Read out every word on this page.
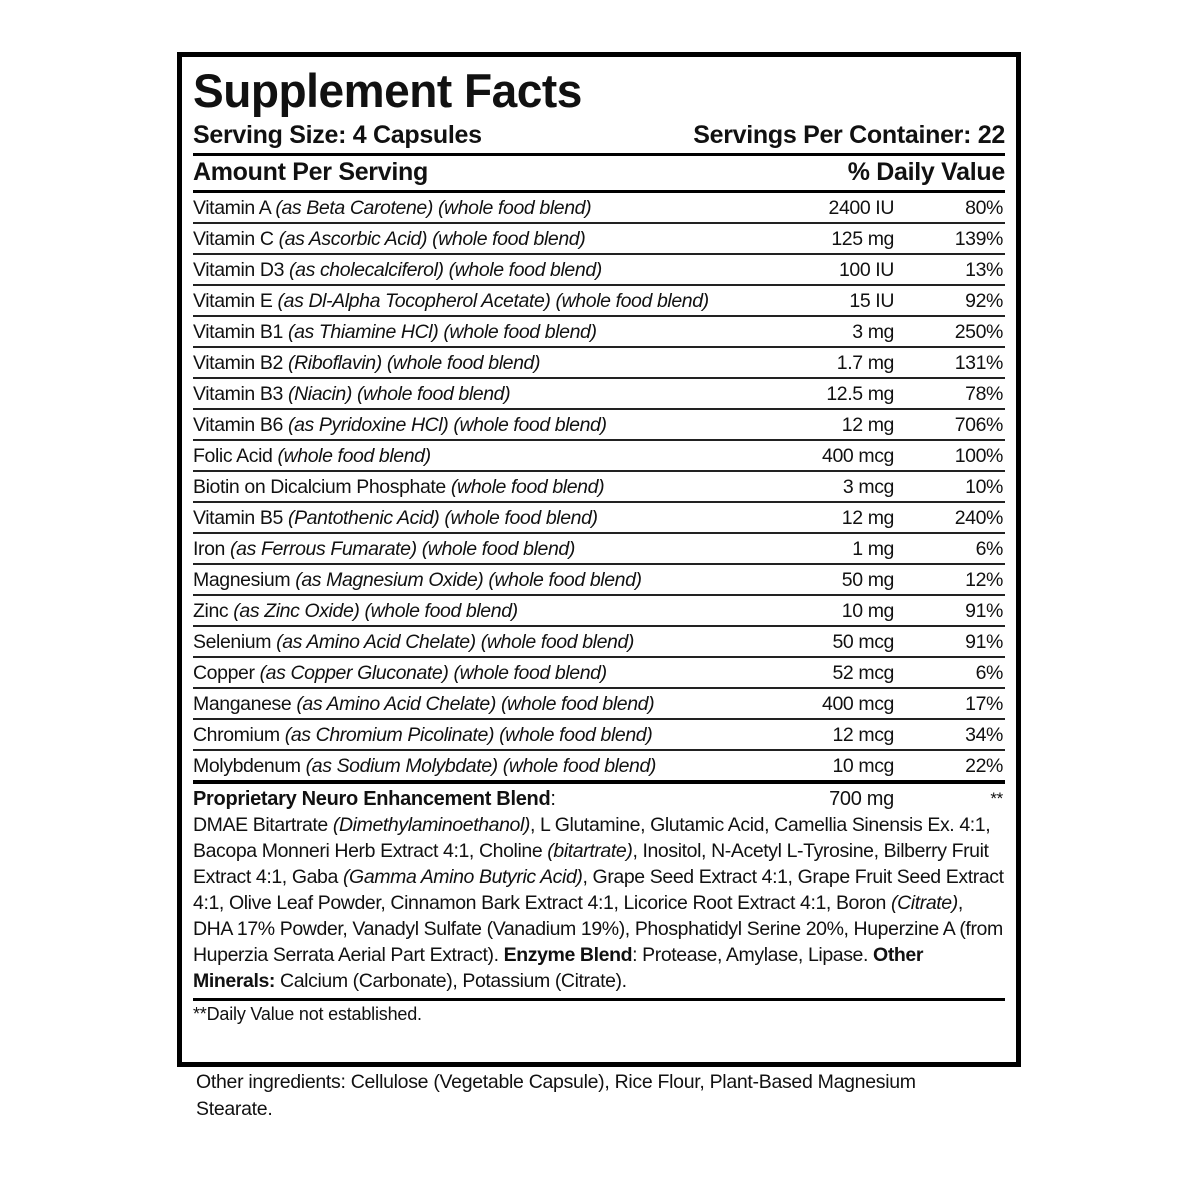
Supplement Facts
Serving Size: 4 Capsules	Servings Per Container: 22
Amount Per Serving	% Daily Value
Vitamin A (as Beta Carotene) (whole food blend)	2400 IU	80%
Vitamin C (as Ascorbic Acid) (whole food blend)	125 mg	139%
Vitamin D3 (as cholecalciferol) (whole food blend)	100 IU	13%
Vitamin E (as Dl-Alpha Tocopherol Acetate) (whole food blend)	15 IU	92%
Vitamin B1 (as Thiamine HCl) (whole food blend)	3 mg	250%
Vitamin B2 (Riboflavin) (whole food blend)	1.7 mg	131%
Vitamin B3 (Niacin) (whole food blend)	12.5 mg	78%
Vitamin B6 (as Pyridoxine HCl) (whole food blend)	12 mg	706%
Folic Acid (whole food blend)	400 mcg	100%
Biotin on Dicalcium Phosphate (whole food blend)	3 mcg	10%
Vitamin B5 (Pantothenic Acid) (whole food blend)	12 mg	240%
Iron (as Ferrous Fumarate) (whole food blend)	1 mg	6%
Magnesium (as Magnesium Oxide) (whole food blend)	50 mg	12%
Zinc (as Zinc Oxide) (whole food blend)	10 mg	91%
Selenium (as Amino Acid Chelate) (whole food blend)	50 mcg	91%
Copper (as Copper Gluconate) (whole food blend)	52 mcg	6%
Manganese (as Amino Acid Chelate) (whole food blend)	400 mcg	17%
Chromium (as Chromium Picolinate) (whole food blend)	12 mcg	34%
Molybdenum (as Sodium Molybdate) (whole food blend)	10 mcg	22%
Proprietary Neuro Enhancement Blend:	700 mg	**

DMAE Bitartrate (Dimethylaminoethanol), L Glutamine, Glutamic Acid, Camellia Sinensis Ex. 4:1, Bacopa Monneri Herb Extract 4:1, Choline (bitartrate), Inositol, N-Acetyl L-Tyrosine, Bilberry Fruit Extract 4:1, Gaba (Gamma Amino Butyric Acid), Grape Seed Extract 4:1, Grape Fruit Seed Extract 4:1, Olive Leaf Powder, Cinnamon Bark Extract 4:1, Licorice Root Extract 4:1, Boron (Citrate), DHA 17% Powder, Vanadyl Sulfate (Vanadium 19%), Phosphatidyl Serine 20%, Huperzine A (from Huperzia Serrata Aerial Part Extract). Enzyme Blend: Protease, Amylase, Lipase. Other Minerals: Calcium (Carbonate), Potassium (Citrate).

**Daily Value not established.
Other ingredients: Cellulose (Vegetable Capsule), Rice Flour, Plant-Based Magnesium Stearate.
